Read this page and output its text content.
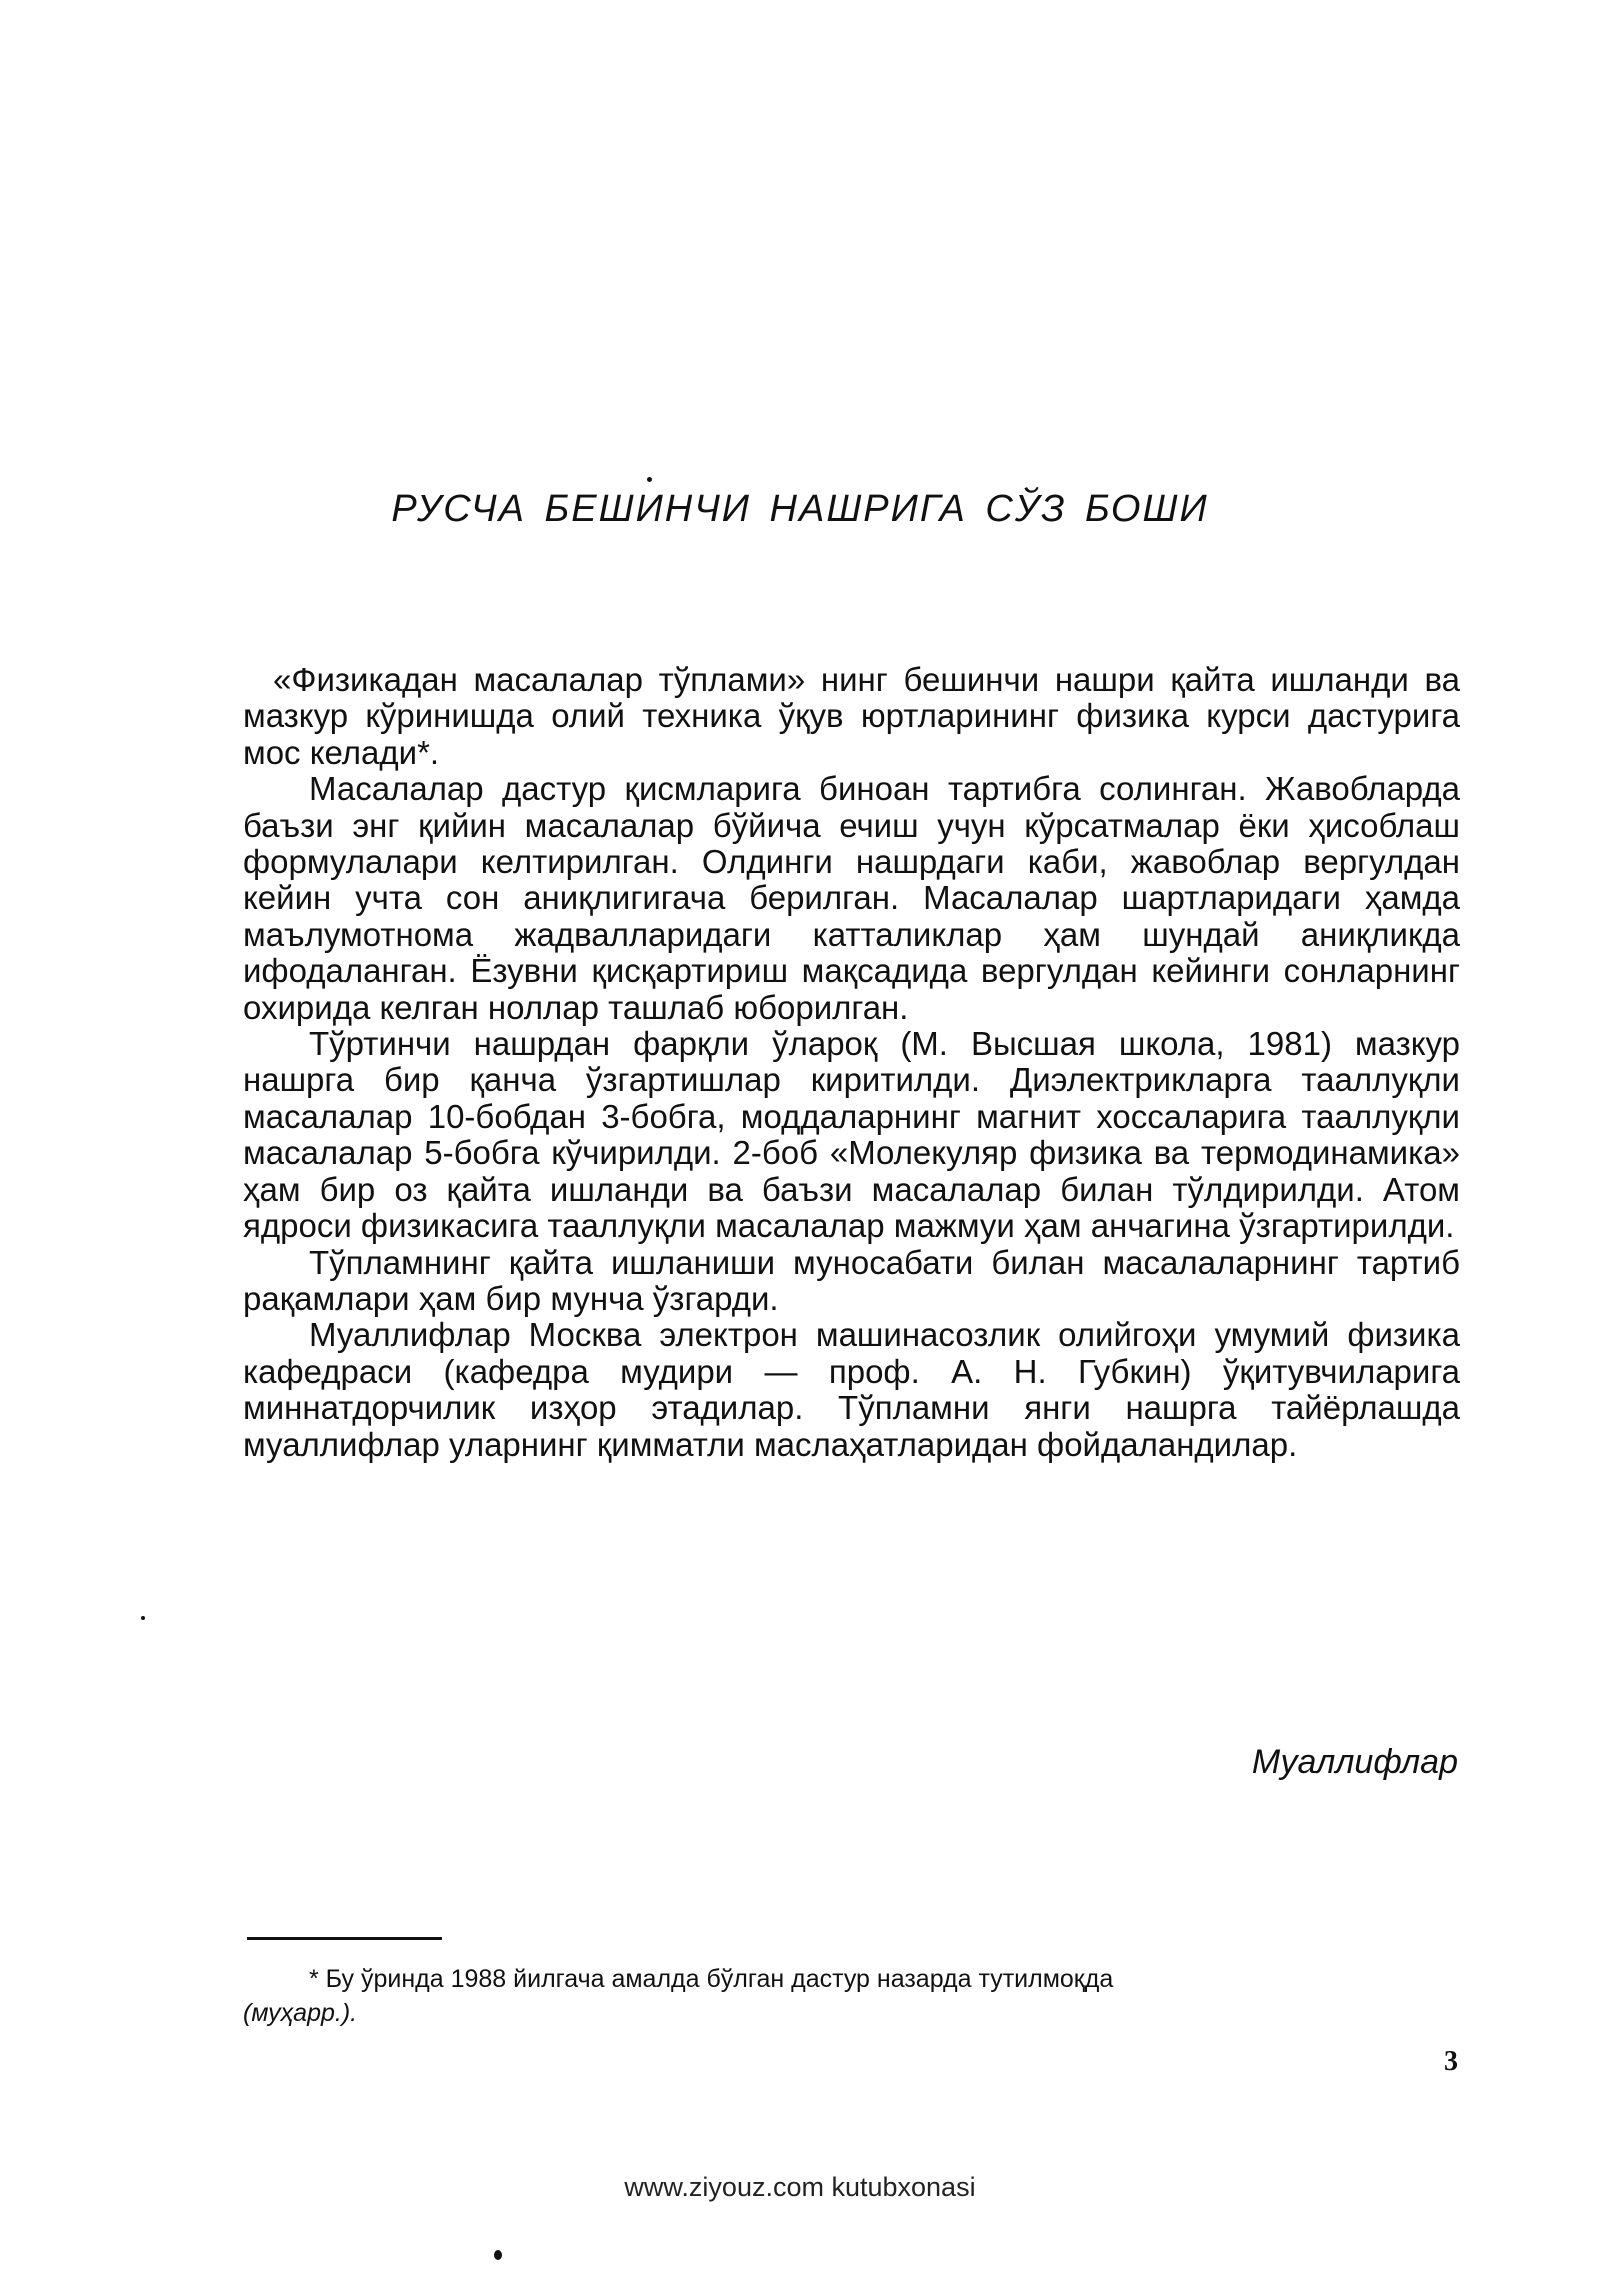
РУСЧА БЕШИНЧИ НАШРИГА СЎЗ БОШИ

«Физикадан масалалар тўплами» нинг бешинчи нашри қайта ишланди ва мазкур кўринишда олий техника ўқув юртларининг физика курси дастурига мос келади*.

Масалалар дастур қисмларига биноан тартибга солинган. Жавобларда баъзи энг қийин масалалар бўйича ечиш учун кўрсатмалар ёки ҳисоблаш формулалари келтирилган. Олдинги нашрдаги каби, жавоблар вергулдан кейин учта сон аниқлигигача берилган. Масалалар шартларидаги ҳамда маълумотнома жадвалларидаги катталиклар ҳам шундай аниқликда ифодаланган. Ёзувни қисқартириш мақсадида вергулдан кейинги сонларнинг охирида келган ноллар ташлаб юборилган.

Тўртинчи нашрдан фарқли ўлароқ (М. Высшая школа, 1981) мазкур нашрга бир қанча ўзгартишлар киритилди. Диэлектрикларга тааллуқли масалалар 10-бобдан 3-бобга, моддаларнинг магнит хоссаларига тааллуқли масалалар 5-бобга кўчирилди. 2-боб «Молекуляр физика ва термодинамика» ҳам бир оз қайта ишланди ва баъзи масалалар билан тўлдирилди. Атом ядроси физикасига тааллуқли масалалар мажмуи ҳам анчагина ўзгартирилди.

Тўпламнинг қайта ишланиши муносабати билан масалаларнинг тартиб рақамлари ҳам бир мунча ўзгарди.

Муаллифлар Москва электрон машинасозлик олийгоҳи умумий физика кафедраси (кафедра мудири — проф. А. Н. Губкин) ўқитувчиларига миннатдорчилик изҳор этадилар. Тўпламни янги нашрга тайёрлашда муаллифлар уларнинг қимматли маслаҳатларидан фойдаландилар.

Муаллифлар

* Бу ўринда 1988 йилгача амалда бўлган дастур назарда тутилмоқда
(муҳарр.).

3

www.ziyouz.com kutubxonasi
